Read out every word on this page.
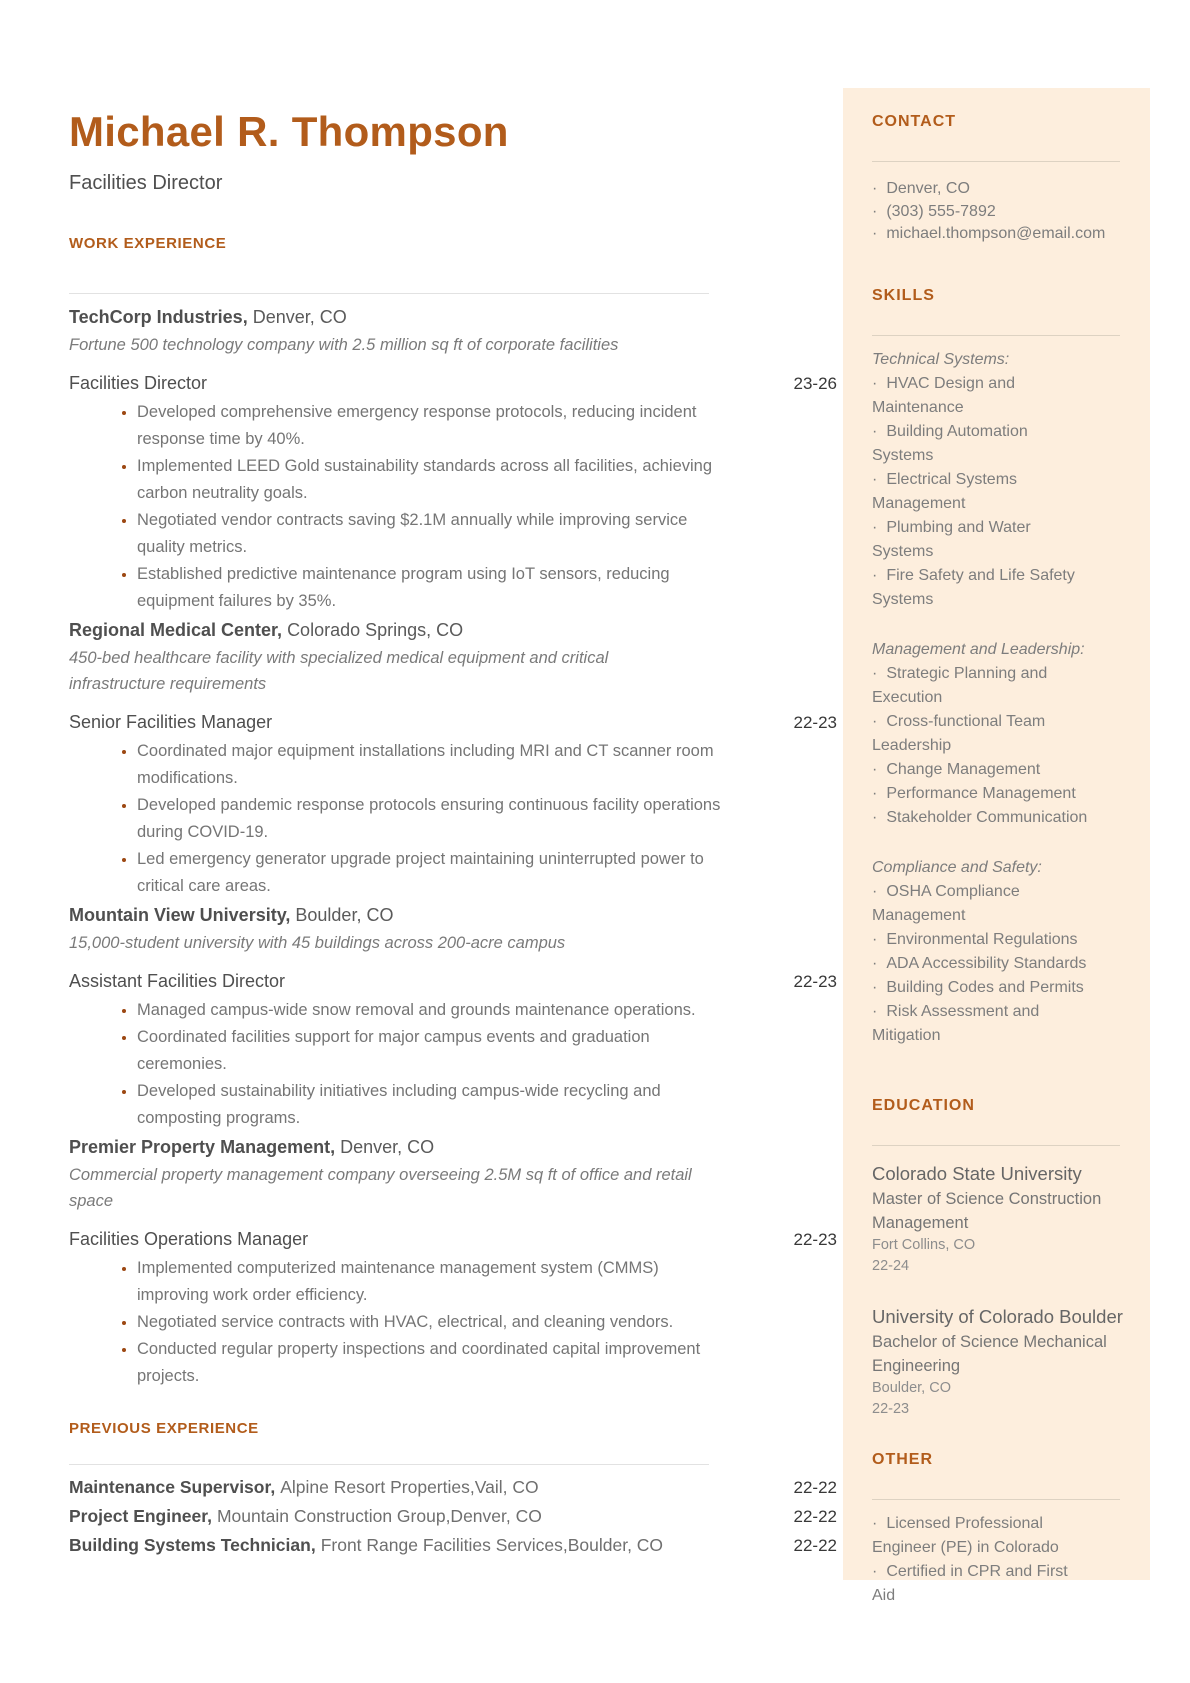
Michael R. Thompson
Facilities Director
WORK EXPERIENCE
TechCorp Industries, Denver, CO
Fortune 500 technology company with 2.5 million sq ft of corporate facilities
Facilities Director	23-26
• Developed comprehensive emergency response protocols, reducing incident response time by 40%.
• Implemented LEED Gold sustainability standards across all facilities, achieving carbon neutrality goals.
• Negotiated vendor contracts saving $2.1M annually while improving service quality metrics.
• Established predictive maintenance program using IoT sensors, reducing equipment failures by 35%.
Regional Medical Center, Colorado Springs, CO
450-bed healthcare facility with specialized medical equipment and critical infrastructure requirements
Senior Facilities Manager	22-23
• Coordinated major equipment installations including MRI and CT scanner room modifications.
• Developed pandemic response protocols ensuring continuous facility operations during COVID-19.
• Led emergency generator upgrade project maintaining uninterrupted power to critical care areas.
Mountain View University, Boulder, CO
15,000-student university with 45 buildings across 200-acre campus
Assistant Facilities Director	22-23
• Managed campus-wide snow removal and grounds maintenance operations.
• Coordinated facilities support for major campus events and graduation ceremonies.
• Developed sustainability initiatives including campus-wide recycling and composting programs.
Premier Property Management, Denver, CO
Commercial property management company overseeing 2.5M sq ft of office and retail space
Facilities Operations Manager	22-23
• Implemented computerized maintenance management system (CMMS) improving work order efficiency.
• Negotiated service contracts with HVAC, electrical, and cleaning vendors.
• Conducted regular property inspections and coordinated capital improvement projects.
PREVIOUS EXPERIENCE
Maintenance Supervisor, Alpine Resort Properties,Vail, CO	22-22
Project Engineer, Mountain Construction Group,Denver, CO	22-22
Building Systems Technician, Front Range Facilities Services,Boulder, CO	22-22
CONTACT
· Denver, CO
· (303) 555-7892
· michael.thompson@email.com
SKILLS
Technical Systems:
· HVAC Design and Maintenance
· Building Automation Systems
· Electrical Systems Management
· Plumbing and Water Systems
· Fire Safety and Life Safety Systems
Management and Leadership:
· Strategic Planning and Execution
· Cross-functional Team Leadership
· Change Management
· Performance Management
· Stakeholder Communication
Compliance and Safety:
· OSHA Compliance Management
· Environmental Regulations
· ADA Accessibility Standards
· Building Codes and Permits
· Risk Assessment and Mitigation
EDUCATION
Colorado State University
Master of Science Construction Management
Fort Collins, CO
22-24
University of Colorado Boulder
Bachelor of Science Mechanical Engineering
Boulder, CO
22-23
OTHER
· Licensed Professional Engineer (PE) in Colorado
· Certified in CPR and First Aid
